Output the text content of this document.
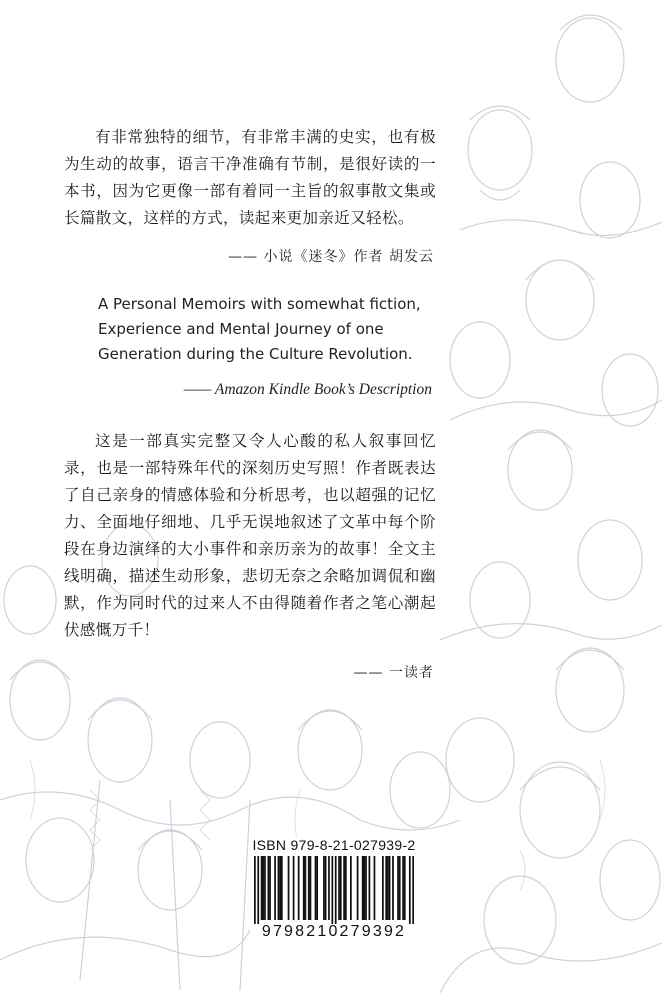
有非常独特的细节，有非常丰满的史实，也有极为生动的故事，语言干净准确有节制，是很好读的一本书，因为它更像一部有着同一主旨的叙事散文集或长篇散文，这样的方式，读起来更加亲近又轻松。

—— 小说《迷冬》作者 胡发云

A Personal Memoirs with somewhat fiction, Experience and Mental Journey of one Generation during the Culture Revolution.

—— Amazon Kindle Book’s Description

这是一部真实完整又令人心酸的私人叙事回忆录，也是一部特殊年代的深刻历史写照！作者既表达了自己亲身的情感体验和分析思考，也以超强的记忆力、全面地仔细地、几乎无误地叙述了文革中每个阶段在身边演绎的大小事件和亲历亲为的故事！全文主线明确，描述生动形象，悲切无奈之余略加调侃和幽默，作为同时代的过来人不由得随着作者之笔心潮起伏感慨万千！

—— 一读者
ISBN 979-8-21-027939-2
9798210279392
